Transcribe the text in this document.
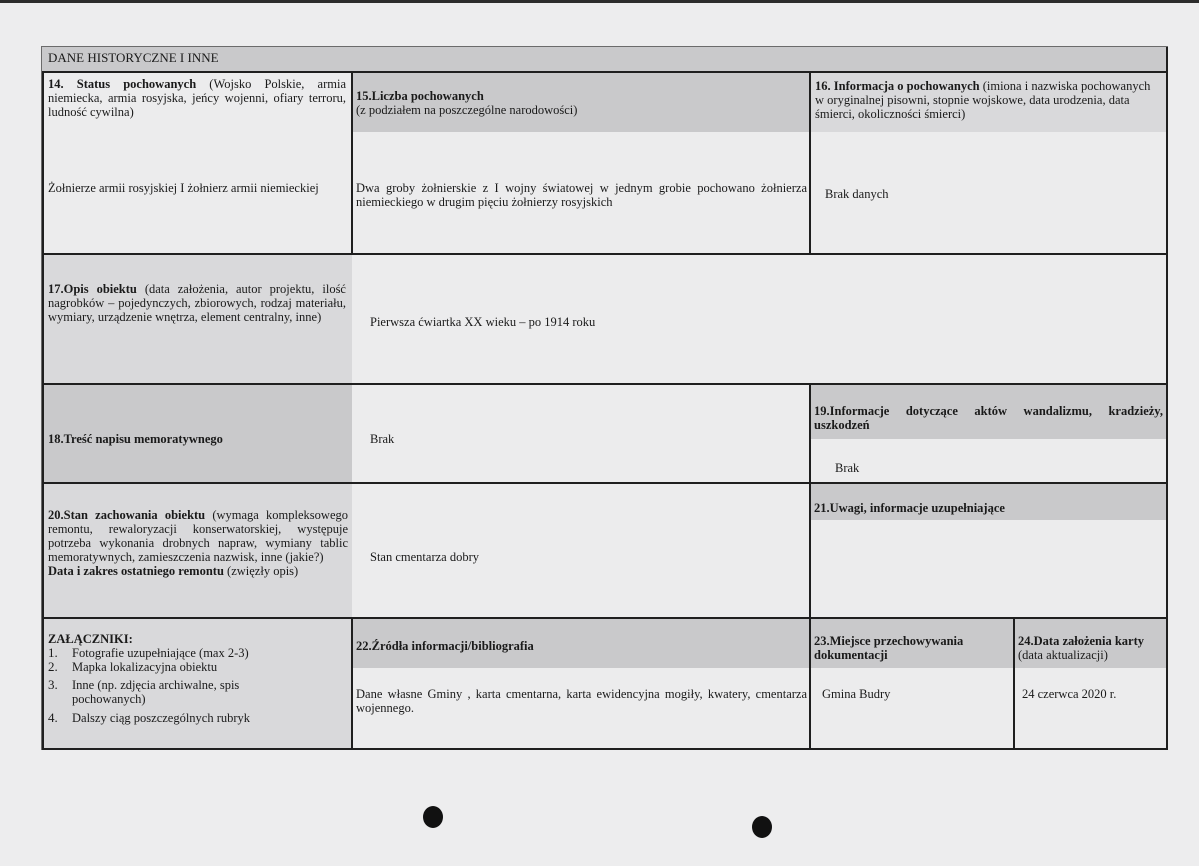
DANE HISTORYCZNE I INNE
14. Status pochowanych (Wojsko Polskie, armia niemiecka, armia rosyjska, jeńcy wojenni, ofiary terroru, ludność cywilna)
Żołnierze armii rosyjskiej I żołnierz armii niemieckiej
15.Liczba pochowanych
(z podziałem na poszczególne narodowości)
Dwa groby żołnierskie z I wojny światowej w jednym grobie pochowano żołnierza niemieckiego w drugim pięciu żołnierzy rosyjskich
16. Informacja o pochowanych (imiona i nazwiska pochowanych w oryginalnej pisowni, stopnie wojskowe, data urodzenia, data śmierci, okoliczności śmierci)
Brak danych
17.Opis obiektu (data założenia, autor projektu, ilość nagrobków – pojedynczych, zbiorowych, rodzaj materiału, wymiary, urządzenie wnętrza, element centralny, inne)	Pierwsza ćwiartka XX wieku – po 1914 roku
18.Treść napisu memoratywnego	Brak
19.Informacje dotyczące aktów wandalizmu, kradzieży, uszkodzeń
Brak
20.Stan zachowania obiektu (wymaga kompleksowego remontu, rewaloryzacji konserwatorskiej, występuje potrzeba wykonania drobnych napraw, wymiany tablic memoratywnych, zamieszczenia nazwisk, inne (jakie?)
Data i zakres ostatniego remontu (zwięzły opis)
Stan cmentarza dobry
21.Uwagi, informacje uzupełniające
ZAŁĄCZNIKI:
1.	Fotografie uzupełniające (max 2-3)
2.	Mapka lokalizacyjna obiektu
3.	Inne (np. zdjęcia archiwalne, spis pochowanych)
4.	Dalszy ciąg poszczególnych rubryk
22.Źródła informacji/bibliografia
Dane własne Gminy , karta cmentarna, karta ewidencyjna mogiły, kwatery, cmentarza wojennego.
23.Miejsce przechowywania dokumentacji
Gmina Budry
24.Data założenia karty (data aktualizacji)
24 czerwca 2020 r.
